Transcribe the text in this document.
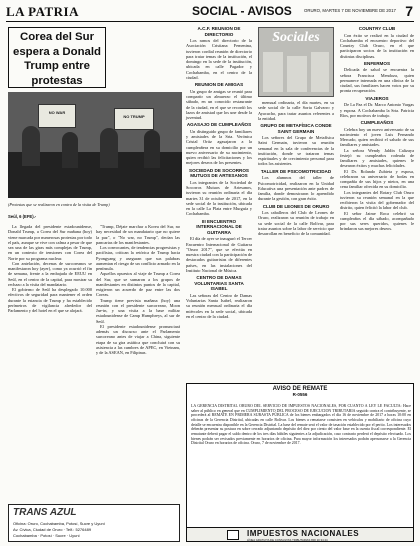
LA PATRIA	SOCIAL - AVISOS	ORURO, MARTES 7 DE NOVIEMBRE DE 2017 7
Corea del Sur espera a Donald Trump entre protestas
NO WAR
NO TRUMP
(Protestas que se realizaron en contra de la visita de Trump)
Seúl, 6 (EFE).-

La llegada del presidente estadounidense, Donald Trump, a Corea del Sur mañana (hoy) viene marcada por numerosas protestas por todo el país, aunque se vive con calma a pesar de que sea una de las giras más complejas de Trump, en un contexto de tensiones con Corea del Norte por su programa nuclear.

Con antelación, decenas de surcoreanos se manifestaron hoy (ayer), como ya ocurrió el fin de semana, frente a la embajada de EEUU en Seúl, en el centro de la capital, para mostrar su rechazo a la visita del mandatario.

El gobierno de Seúl ha desplegado 10.000 efectivos de seguridad para mantener el orden durante la estancia de Trump y ha establecido perímetros de vigilancia alrededor del Parlamento y del hotel en el que se alojará.

"Trump, Déjate marchar a Korea del Sur, no hay necesidad de un mandatario que no quiere la paz", o "No war, no Trump", decían las pancartas de los manifestantes.

Los convocantes, de tendencias progresistas y pacifistas, critican la retórica de Trump hacia Pyongyang y aseguran que sus palabras aumentan el riesgo de un conflicto armado en la península.

Aquellos opuestos al viaje de Trump a Corea del Sur, que se sumaron a los grupos de manifestantes en distintos puntos de la capital, exigieron un acuerdo de paz entre las dos Coreas.

Trump tiene prevista mañana (hoy) una reunión con el presidente surcoreano, Moon Jae-in, y una visita a la base militar estadounidense de Camp Humphreys, al sur de Seúl.

El presidente estadounidense pronunciará además un discurso ante el Parlamento surcoreano antes de viajar a China, siguiente etapa de su gira asiática que concluirá con su asistencia a las cumbres de APEC, en Vietnam, y de la ASEAN, en Filipinas.

TRANS AZUL
Oficina: Oruro, Cochabamba, Potosí, Sucre y Uyuni
Av. Cívica, Ciudad de Oruro · Telf.: 5276489
Cochabamba · Potosí · Sucre · Uyuni
A.C.F. REUNION DE DIRECTORIO

Los ramos del directorio de la Asociación Cristiana Femenina, tuvieron cordial reunión de directorio para tratar temas de la institución, el domingo en la sede de la institución, ubicada en calle Pagador y Cochabamba, en el centro de la ciudad.

REUNION DE AMIGAS

Un grupo de amigas se reunió para compartir un almuerzo el último sábado, en un conocido restaurante de la ciudad, en el que se recordó los lazos de amistad que los une desde la juventud.

AGASAJO DE CUMPLEAÑOS

Un distinguido grupo de familiares y amistades de la Srta. Verónica Cristal Ortiz agasajaron a la cumpleañera en su domicilio por un nuevo aniversario de su nacimiento, quien recibió las felicitaciones y los mejores deseos de los presentes.

SOCIEDAD DE SOCORROS MUTUOS DE ARTESANOS

Los integrantes de la Sociedad de Socorros Mutuos de Artesanos, tuvieron su reunión ordinaria el día martes 31 de octubre de 2017, en la sede social de la institución, ubicada en la calle La Plata entre Murguía y Cochabamba.

III ENCUENTRO INTERNACIONAL DE GUITARRA

El día de ayer se inauguró el Tercer Encuentro Internacional de Guitarra "Oruro 2017", que se efectúa en nuestra ciudad con la participación de destacados guitarristas de diferentes países, en las instalaciones del Instituto Nacional de Música.

CENTRO DE DAMAS VOLUNTARIAS SANTA ISABEL

Las señoras del Centro de Damas Voluntarias Santa Isabel, realizaron su reunión mensual ordinaria el día miércoles en la sede social, ubicada en el centro de la ciudad.

Sociales

mensual ordinaria, el día martes, en su sede social de la calle Soria Galvarro y Ayacucho, para tratar asuntos referentes a la entidad.

GRUPO DE METAFÍSICA CONDE SAINT GERMAIN

Los señores del Grupo de Metafísica Saint Germain, tuvieron su reunión semanal en la sala de conferencias de la institución, donde se trataron temas espirituales y de crecimiento personal para todos los asistentes.

TALLER DE PSICOMOTRICIDAD

Los alumnos del taller de Psicomotricidad, realizaron en la Unidad Educativa una presentación ante padres de familia, donde demostraron lo aprendido durante la gestión, con gran éxito.

CLUB DE LEONES DE ORURO

Los caballeros del Club de Leones de Oruro, realizaron su reunión de trabajo en su sede social de la calle Bolívar, para tratar asuntos sobre la labor de servicio que desarrollan en beneficio de la comunidad.

COUNTRY CLUB

Con éxito se realizó en la ciudad de Cochabamba el encuentro deportivo del Country Club Oruro, en el que participaron socios de la institución en distintas disciplinas.

ENFERMOS

Delicada de salud se encuentra la señora Francisca Mendoza, quien permanece internada en una clínica de la ciudad, sus familiares hacen votos por su pronta recuperación.

VIAJEROS

De La Paz el Dr. Marco Antonio Vargas y esposa. A Cochabamba la Srta. Patricia Ríos, por motivos de trabajo.

CUMPLEAÑOS

Celebra hoy un nuevo aniversario de su nacimiento el joven Luis Fernando Mercado, quien recibirá el saludo de sus familiares y amistades.

La señora Wendy Jaldín Calizaya festejó su cumpleaños rodeada de familiares y amistades, quienes le desearon éxitos y muchas felicidades.

El Dr. Rolando Zubieta y esposa, celebraron su aniversario de bodas en compañía de sus hijos y nietos, en una cena familiar ofrecida en su domicilio.

Los integrantes del Rotary Club Oruro tuvieron su reunión semanal en la que recibieron la visita del gobernador del distrito, quien felicitó la labor del club.

El señor Jaime Roca celebró su cumpleaños el día sábado, acompañado por sus seres queridos, quienes le brindaron sus mejores deseos.

AVISO DE REMATE
R-0556
LA GERENCIA DISTRITAL ORURO DEL SERVICIO DE IMPUESTOS NACIONALES, POR CUANTO A LEY LE FACULTA: Hace saber al público en general que en CUMPLIMIENTO DEL PROCESO DE EJECUCION TRIBUTARIA seguido contra el contribuyente, se procederá al REMATE EN PRIMERA SUBASTA PÚBLICA de los bienes embargados el día 16 de noviembre de 2017 a horas 10:00 en oficinas de la Gerencia Distrital, ubicadas en calle Bolívar. Los bienes a rematarse consisten en vehículos y mobiliario de oficina cuyo detalle se encuentra disponible en la Gerencia Distrital. La base del remate será el valor de tasación establecido por el perito. Los interesados deberán presentar su postura en sobre cerrado adjuntando depósito del diez por ciento del valor base en la cuenta fiscal correspondiente. El rematante deberá pagar el saldo dentro de los tres días hábiles siguientes a la adjudicación, caso contrario perderá el depósito efectuado. Los bienes podrán ser revisados previamente en horarios de oficina. Para mayor información los interesados podrán apersonarse a la Gerencia Distrital Oruro en horarios de oficina. Oruro, 7 de noviembre de 2017.
IMPUESTOS NACIONALES
LÍNEA GRATUITA DE CONSULTAS TRIBUTARIAS 800 10 34 44
